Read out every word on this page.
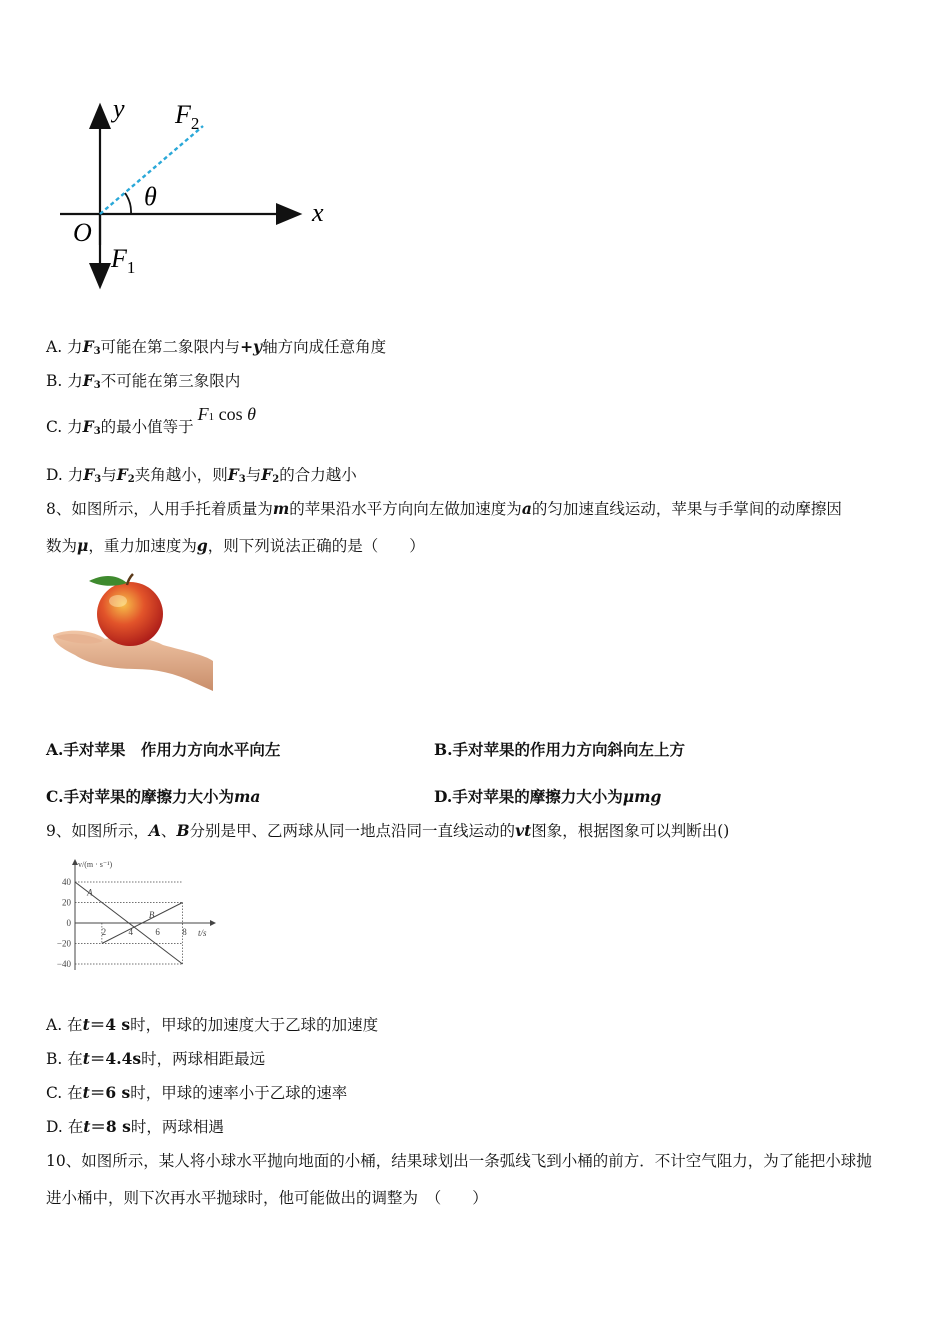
y
x
O
$F_2$
θ
$F_1$
A. 力$F_3$可能在第二象限内与+y轴方向成任意角度
B. 力$F_3$不可能在第三象限内
C. 力$F_3$的最小值等于F1 cos θ
D. 力$F_3$与$F_2$夹角越小，则$F_3$与$F_2$的合力越小
8、如图所示，人用手托着质量为m的苹果沿水平方向向左做加速度为a的匀加速直线运动，苹果与手掌间的动摩擦因
数为μ，重力加速度为g，则下列说法正确的是（　　）
A.手对苹果　作用力方向水平向左	B.手对苹果的作用力方向斜向左上方
C.手对苹果的摩擦力大小为ma	D.手对苹果的摩擦力大小为μmg
9、如图所示，A、B分别是甲、乙两球从同一地点沿同一直线运动的vt图象，根据图象可以判断出()
v/(m · s⁻¹)
t/s
40
20
0
−20
−40
2 4 6 8
A
B
A. 在t＝4 s时，甲球的加速度大于乙球的加速度
B. 在t＝4.4s时，两球相距最远
C. 在t＝6 s时，甲球的速率小于乙球的速率
D. 在t＝8 s时，两球相遇
10、如图所示，某人将小球水平抛向地面的小桶，结果球划出一条弧线飞到小桶的前方．不计空气阻力，为了能把小球抛
进小桶中，则下次再水平抛球时，他可能做出的调整为　（　　）
